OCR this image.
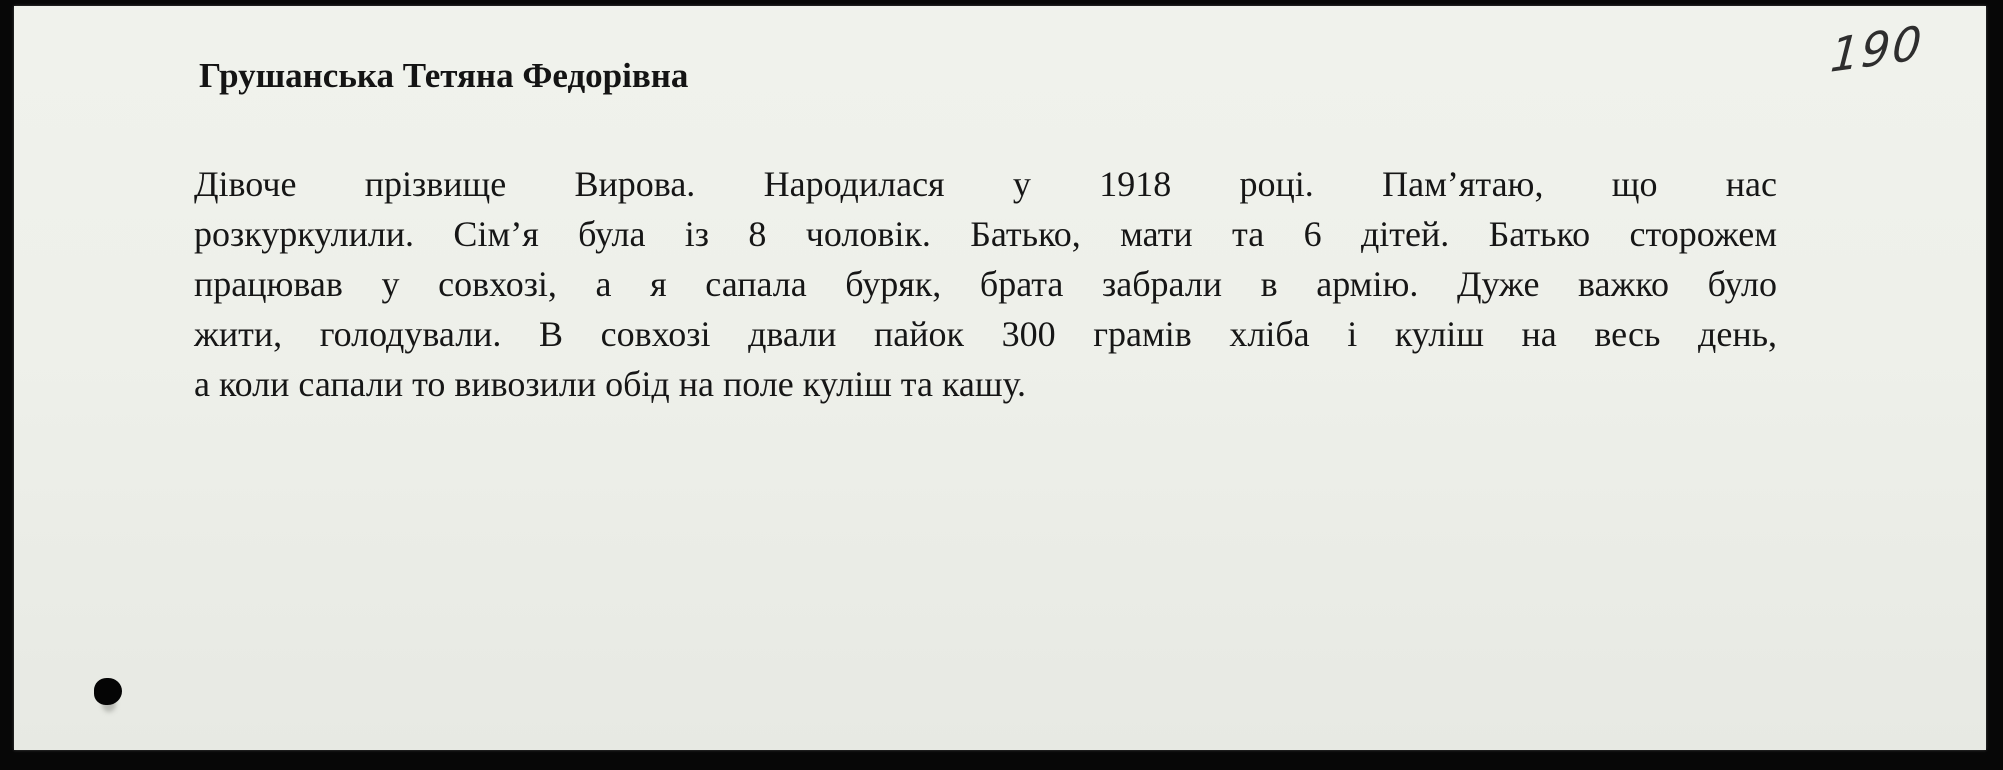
Грушанська Тетяна Федорівна	190

Дівоче прізвище Вирова. Народилася у 1918 році. Пам’ятаю, що нас

розкуркулили. Сім’я була із 8 чоловік. Батько, мати та 6 дітей. Батько сторожем

працював у совхозі, а я сапала буряк, брата забрали в армію. Дуже важко було

жити, голодували. В совхозі двали пайок 300 грамів хліба і куліш на весь день,

а коли сапали то вивозили обід на поле куліш та кашу.
